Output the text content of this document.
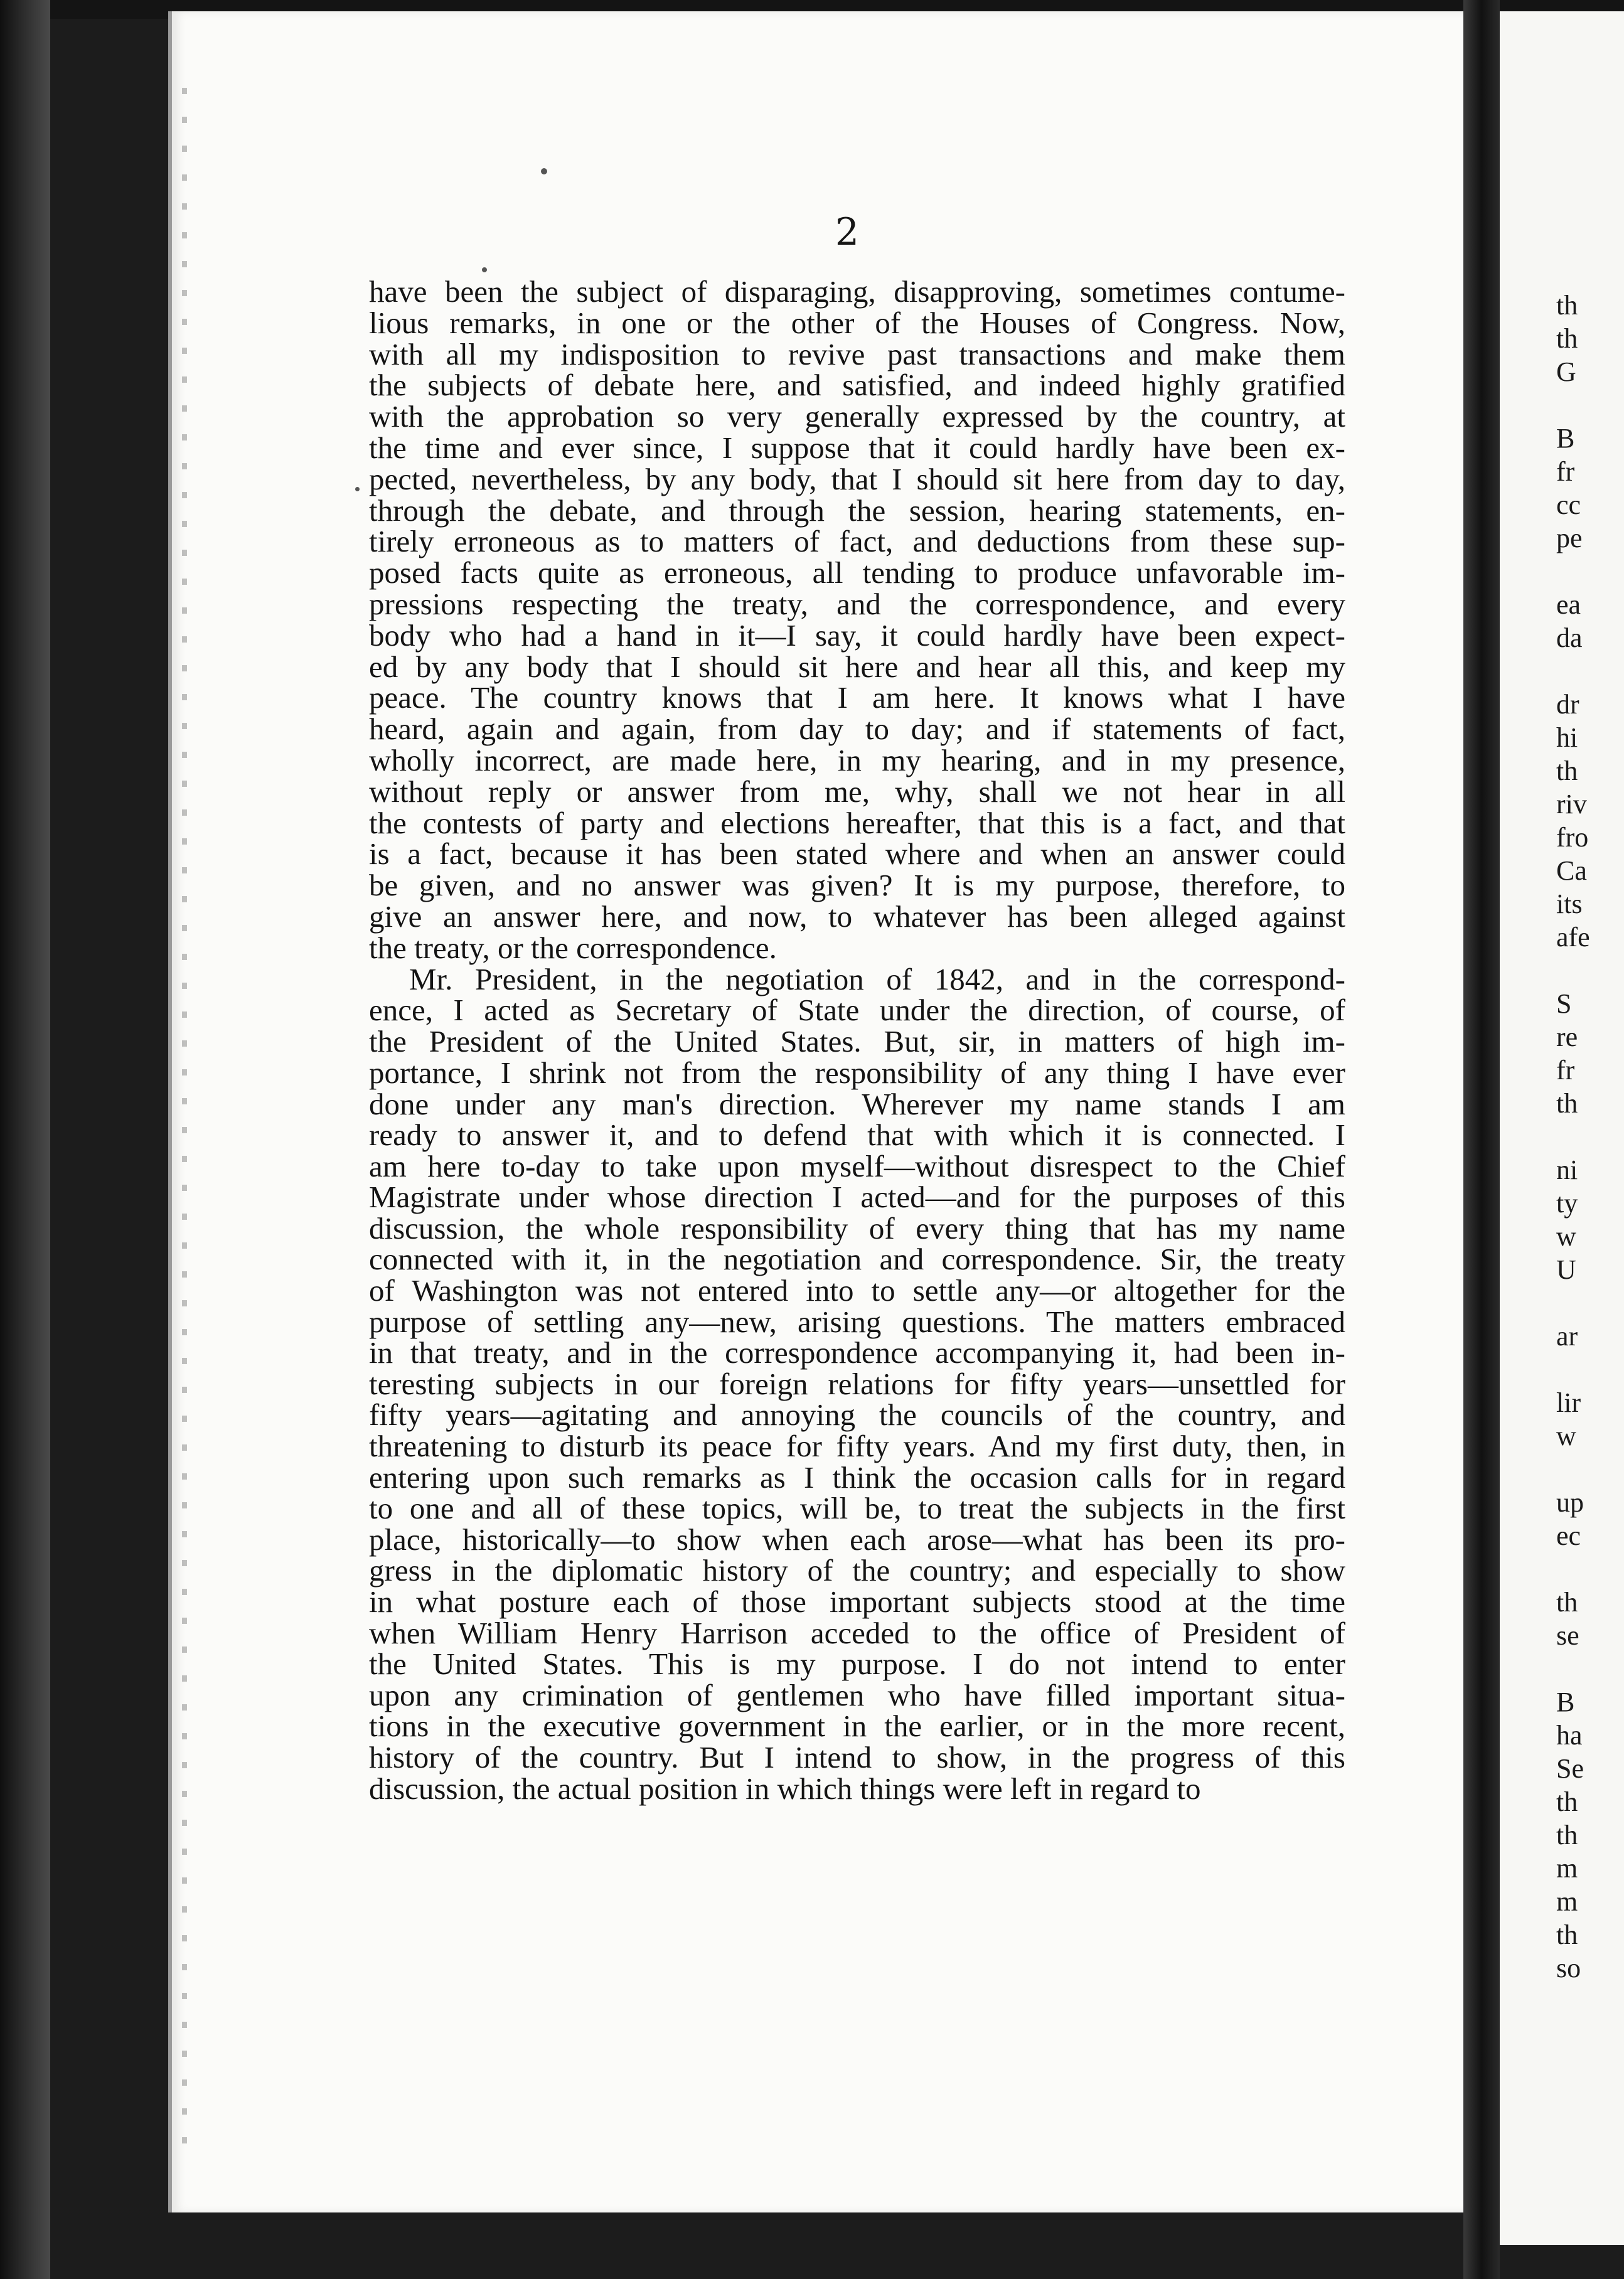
2
have been the subject of disparaging, disapproving, sometimes contume-
lious remarks, in one or the other of the Houses of Congress. Now,
with all my indisposition to revive past transactions and make them
the subjects of debate here, and satisfied, and indeed highly gratified
with the approbation so very generally expressed by the country, at
the time and ever since, I suppose that it could hardly have been ex-
pected, nevertheless, by any body, that I should sit here from day to day,
through the debate, and through the session, hearing statements, en-
tirely erroneous as to matters of fact, and deductions from these sup-
posed facts quite as erroneous, all tending to produce unfavorable im-
pressions respecting the treaty, and the correspondence, and every
body who had a hand in it—I say, it could hardly have been expect-
ed by any body that I should sit here and hear all this, and keep my
peace. The country knows that I am here. It knows what I have
heard, again and again, from day to day; and if statements of fact,
wholly incorrect, are made here, in my hearing, and in my presence,
without reply or answer from me, why, shall we not hear in all
the contests of party and elections hereafter, that this is a fact, and that
is a fact, because it has been stated where and when an answer could
be given, and no answer was given? It is my purpose, therefore, to
give an answer here, and now, to whatever has been alleged against
the treaty, or the correspondence.
Mr. President, in the negotiation of 1842, and in the correspond-
ence, I acted as Secretary of State under the direction, of course, of
the President of the United States. But, sir, in matters of high im-
portance, I shrink not from the responsibility of any thing I have ever
done under any man's direction. Wherever my name stands I am
ready to answer it, and to defend that with which it is connected. I
am here to-day to take upon myself—without disrespect to the Chief
Magistrate under whose direction I acted—and for the purposes of this
discussion, the whole responsibility of every thing that has my name
connected with it, in the negotiation and correspondence. Sir, the treaty
of Washington was not entered into to settle any—or altogether for the
purpose of settling any—new, arising questions. The matters embraced
in that treaty, and in the correspondence accompanying it, had been in-
teresting subjects in our foreign relations for fifty years—unsettled for
fifty years—agitating and annoying the councils of the country, and
threatening to disturb its peace for fifty years. And my first duty, then, in
entering upon such remarks as I think the occasion calls for in regard
to one and all of these topics, will be, to treat the subjects in the first
place, historically—to show when each arose—what has been its pro-
gress in the diplomatic history of the country; and especially to show
in what posture each of those important subjects stood at the time
when William Henry Harrison acceded to the office of President of
the United States. This is my purpose. I do not intend to enter
upon any crimination of gentlemen who have filled important situa-
tions in the executive government in the earlier, or in the more recent,
history of the country. But I intend to show, in the progress of this
discussion, the actual position in which things were left in regard to
th
th
G
B
fr
cc
pe
ea
da
dr
hi
th
riv
fro
Ca
its
afe
S
re
fr
th
ni
ty
w
U
ar
lir
w
up
ec
th
se
B
ha
Se
th
th
m
m
th
so
